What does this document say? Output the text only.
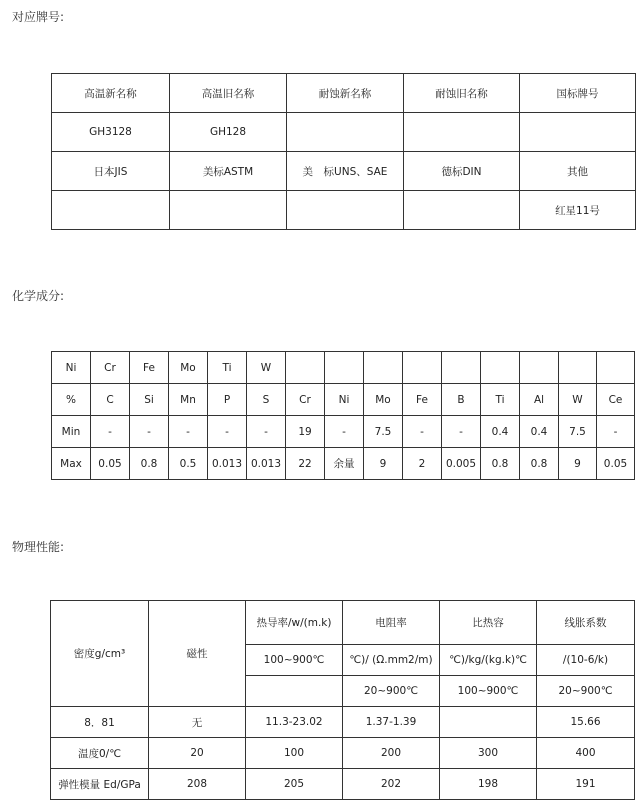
对应牌号:
高温新名称	高温旧名称	耐蚀新名称	耐蚀旧名称	国标牌号
GH3128	GH128			
日本JIS	美标ASTM	美　标UNS、SAE	德标DIN	其他
				红星11号
化学成分:
Ni	Cr	Fe	Mo	Ti	W									
%	C	Si	Mn	P	S	Cr	Ni	Mo	Fe	B	Ti	Al	W	Ce
Min	-	-	-	-	-	19	-	7.5	-	-	0.4	0.4	7.5	-
Max	0.05	0.8	0.5	0.013	0.013	22	余量	9	2	0.005	0.8	0.8	9	0.05
物理性能:
密度g/cm³	磁性	热导率/w/(m.k)	电阻率	比热容	线胀系数
		100~900℃	℃)/ (Ω.mm2/m)	℃)/kg/(kg.k)℃	/(10-6/k)
			20~900℃	100~900℃	20~900℃
8．81	无	11.3-23.02	1.37-1.39		15.66
温度0/℃	20	100	200	300	400
弹性模量 Ed/GPa	208	205	202	198	191
